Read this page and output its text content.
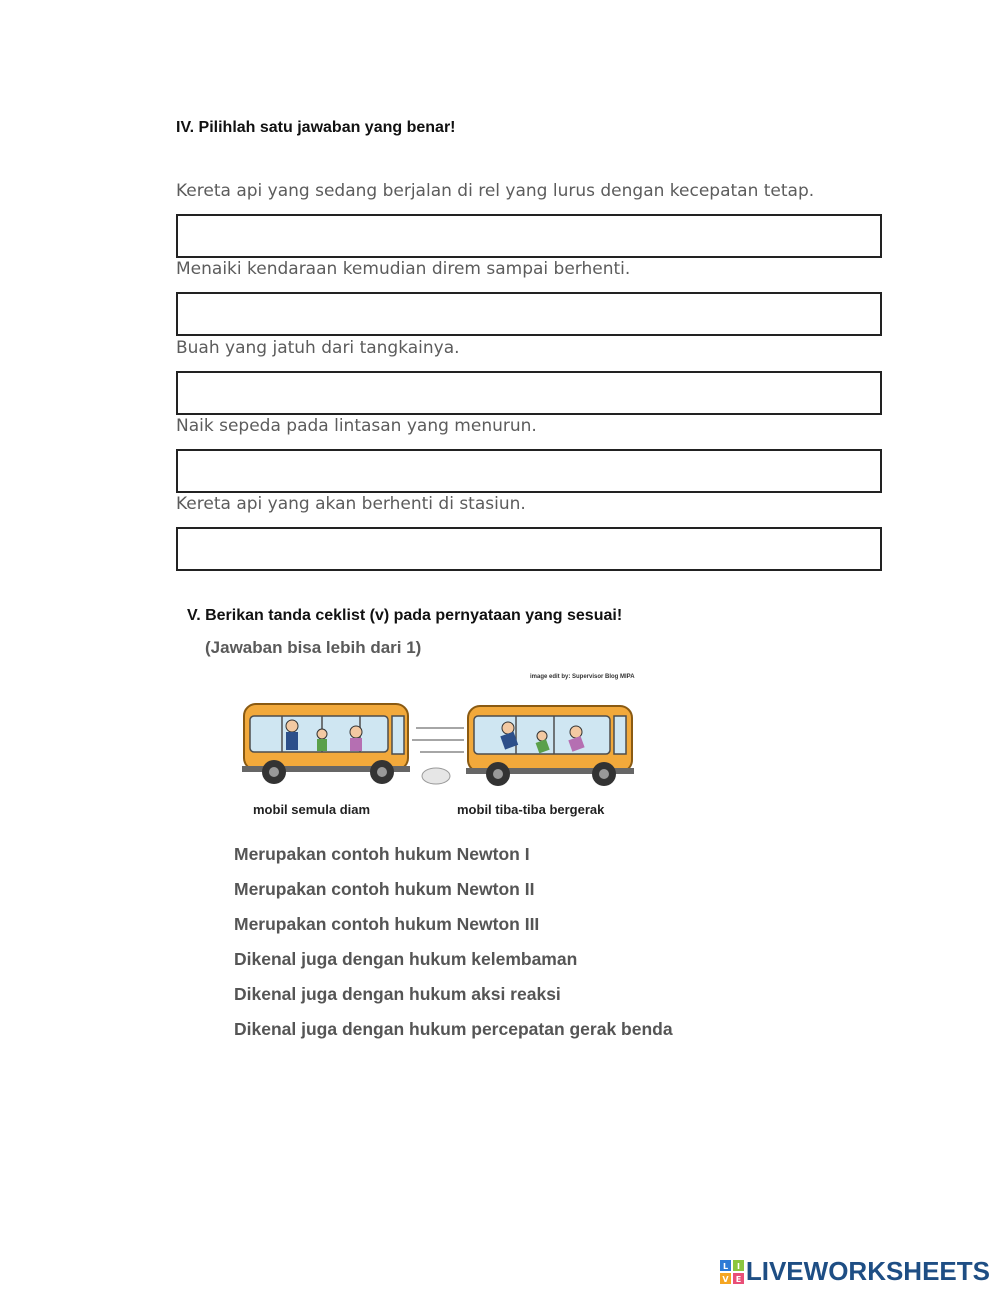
IV. Pilihlah satu jawaban yang benar!
Kereta api yang sedang berjalan di rel yang lurus dengan kecepatan tetap.
Menaiki kendaraan kemudian direm sampai berhenti.
Buah yang jatuh dari tangkainya.
Naik sepeda pada lintasan yang menurun.
Kereta api yang akan berhenti di stasiun.
V. Berikan tanda ceklist (v) pada pernyataan yang sesuai!
(Jawaban bisa lebih dari 1)
image edit by: Supervisor Blog MIPA
mobil semula diam	mobil tiba-tiba bergerak
Merupakan contoh hukum Newton I
Merupakan contoh hukum Newton II
Merupakan contoh hukum Newton III
Dikenal juga dengan hukum kelembaman
Dikenal juga dengan hukum aksi reaksi
Dikenal juga dengan hukum percepatan gerak benda
L I
V E LIVEWORKSHEETS
